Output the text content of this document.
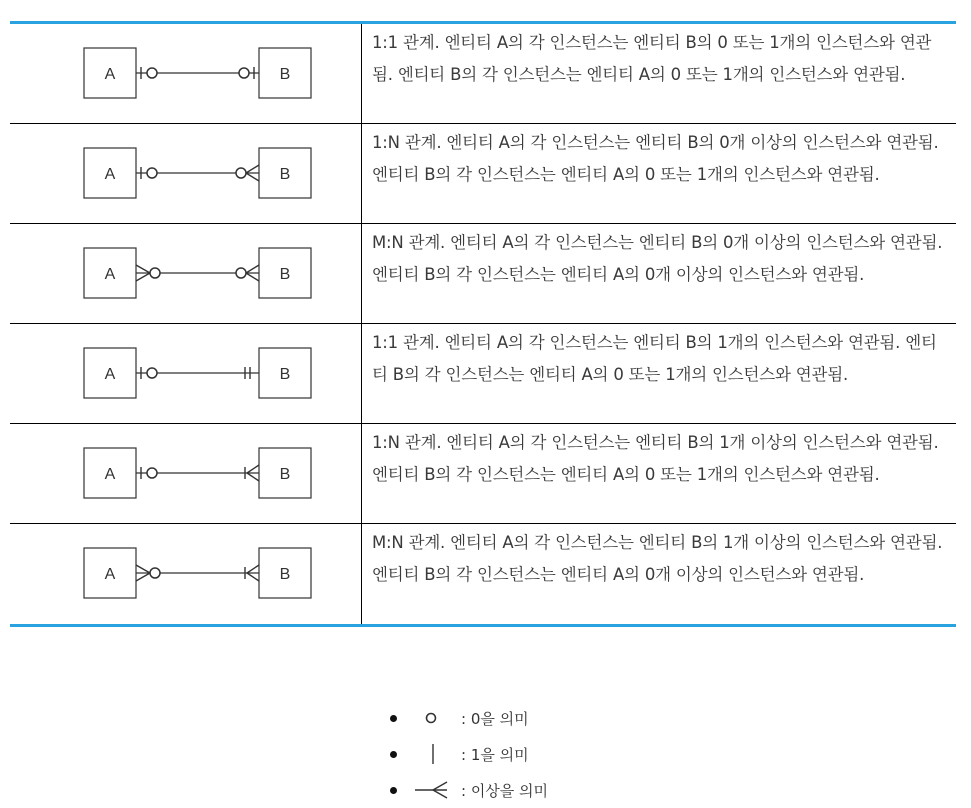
A	B
1:1 관계. 엔티티 A의 각 인스턴스는 엔티티 B의 0 또는 1개의 인스턴스와 연관됨. 엔티티 B의 각 인스턴스는 엔티티 A의 0 또는 1개의 인스턴스와 연관됨.
A	B
1:N 관계. 엔티티 A의 각 인스턴스는 엔티티 B의 0개 이상의 인스턴스와 연관됨. 엔티티 B의 각 인스턴스는 엔티티 A의 0 또는 1개의 인스턴스와 연관됨.
A	B
M:N 관계. 엔티티 A의 각 인스턴스는 엔티티 B의 0개 이상의 인스턴스와 연관됨. 엔티티 B의 각 인스턴스는 엔티티 A의 0개 이상의 인스턴스와 연관됨.
A	B
1:1 관계. 엔티티 A의 각 인스턴스는 엔티티 B의 1개의 인스턴스와 연관됨. 엔티티 B의 각 인스턴스는 엔티티 A의 0 또는 1개의 인스턴스와 연관됨.
A	B
1:N 관계. 엔티티 A의 각 인스턴스는 엔티티 B의 1개 이상의 인스턴스와 연관됨. 엔티티 B의 각 인스턴스는 엔티티 A의 0 또는 1개의 인스턴스와 연관됨.
A	B
M:N 관계. 엔티티 A의 각 인스턴스는 엔티티 B의 1개 이상의 인스턴스와 연관됨. 엔티티 B의 각 인스턴스는 엔티티 A의 0개 이상의 인스턴스와 연관됨.
: 0을 의미
: 1을 의미
: 이상을 의미
